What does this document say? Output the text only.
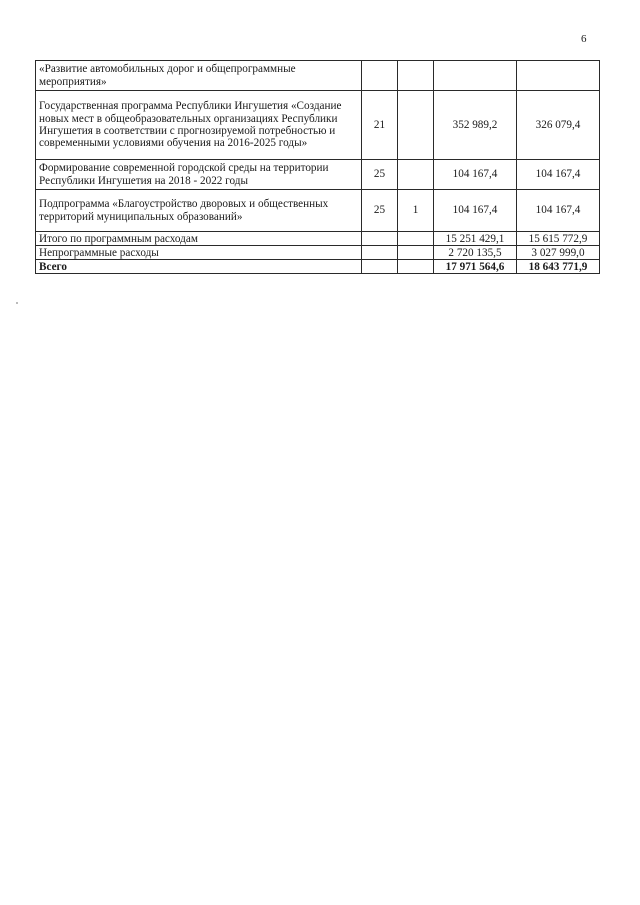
6
«Развитие автомобильных дорог и общепрограммные мероприятия»				
Государственная программа Республики Ингушетия «Создание новых мест в общеобразовательных организациях Республики Ингушетия в соответствии с прогнозируемой потребностью и современными условиями обучения на 2016-2025 годы»	21		352 989,2	326 079,4
Формирование современной городской среды на территории Республики Ингушетия на 2018 - 2022 годы	25		104 167,4	104 167,4
Подпрограмма «Благоустройство дворовых и общественных территорий муниципальных образований»	25	1	104 167,4	104 167,4
Итого по программным расходам			15 251 429,1	15 615 772,9
Непрограммные расходы			2 720 135,5	3 027 999,0
Всего			17 971 564,6	18 643 771,9
